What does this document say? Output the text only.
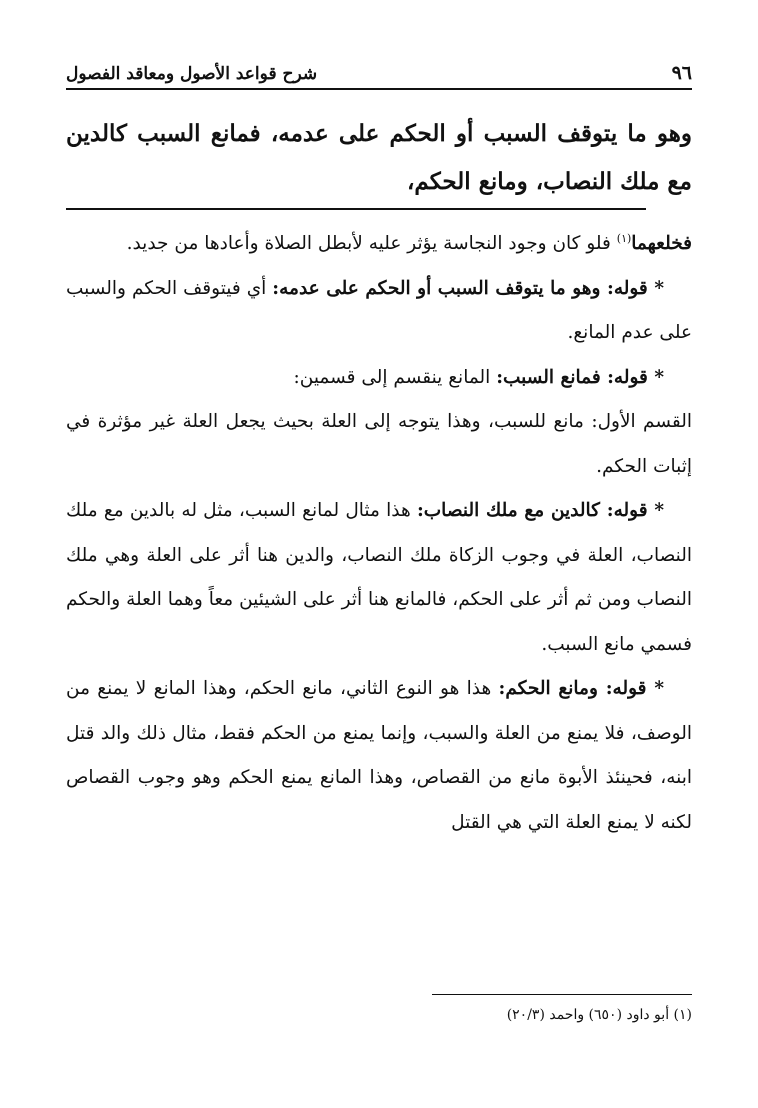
٩٦
شرح قواعد الأصول ومعاقد الفصول
وهو ما يتوقف السبب أو الحكم على عدمه، فمانع السبب كالدين مع ملك النصاب، ومانع الحكم،

فخلعهما$^{(١)}$ فلو كان وجود النجاسة يؤثر عليه لأبطل الصلاة وأعادها من جديد.

* قوله: وهو ما يتوقف السبب أو الحكم على عدمه: أي فيتوقف الحكم والسبب على عدم المانع.

* قوله: فمانع السبب: المانع ينقسم إلى قسمين:

القسم الأول: مانع للسبب، وهذا يتوجه إلى العلة بحيث يجعل العلة غير مؤثرة في إثبات الحكم.

* قوله: كالدين مع ملك النصاب: هذا مثال لمانع السبب، مثل له بالدين مع ملك النصاب، العلة في وجوب الزكاة ملك النصاب، والدين هنا أثر على العلة وهي ملك النصاب ومن ثم أثر على الحكم، فالمانع هنا أثر على الشيئين معاً وهما العلة والحكم فسمي مانع السبب.

* قوله: ومانع الحكم: هذا هو النوع الثاني، مانع الحكم، وهذا المانع لا يمنع من الوصف، فلا يمنع من العلة والسبب، وإنما يمنع من الحكم فقط، مثال ذلك والد قتل ابنه، فحينئذ الأبوة مانع من القصاص، وهذا المانع يمنع الحكم وهو وجوب القصاص لكنه لا يمنع العلة التي هي القتل

(١) أبو داود (٦٥٠) واحمد (٢٠/٣)
